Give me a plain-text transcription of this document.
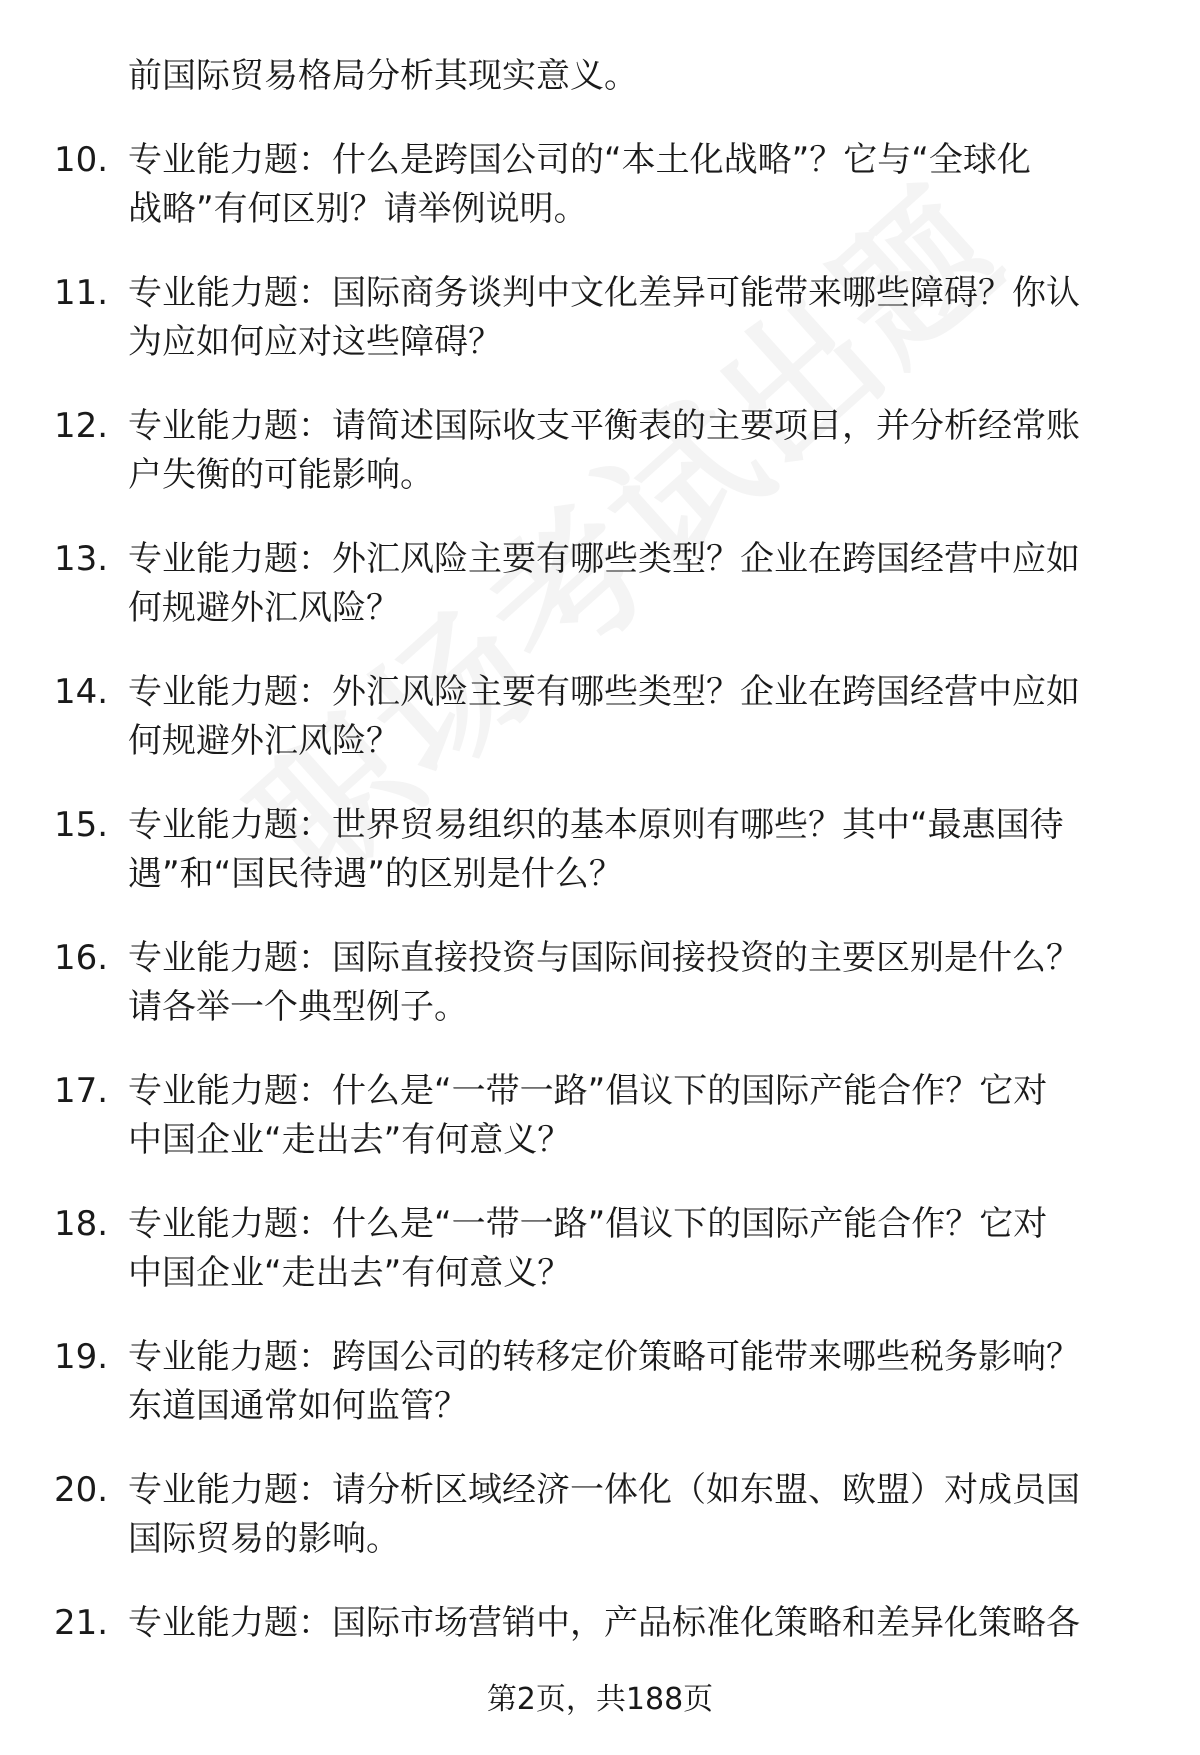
前国际贸易格局分析其现实意义。

10. 专业能力题：什么是跨国公司的“本土化战略”？它与“全球化
战略”有何区别？请举例说明。
11. 专业能力题：国际商务谈判中文化差异可能带来哪些障碍？你认
为应如何应对这些障碍？
12. 专业能力题：请简述国际收支平衡表的主要项目，并分析经常账
户失衡的可能影响。
13. 专业能力题：外汇风险主要有哪些类型？企业在跨国经营中应如
何规避外汇风险？
14. 专业能力题：外汇风险主要有哪些类型？企业在跨国经营中应如
何规避外汇风险？
15. 专业能力题：世界贸易组织的基本原则有哪些？其中“最惠国待
遇”和“国民待遇”的区别是什么？
16. 专业能力题：国际直接投资与国际间接投资的主要区别是什么？
请各举一个典型例子。
17. 专业能力题：什么是“一带一路”倡议下的国际产能合作？它对
中国企业“走出去”有何意义？
18. 专业能力题：什么是“一带一路”倡议下的国际产能合作？它对
中国企业“走出去”有何意义？
19. 专业能力题：跨国公司的转移定价策略可能带来哪些税务影响？
东道国通常如何监管？
20. 专业能力题：请分析区域经济一体化（如东盟、欧盟）对成员国
国际贸易的影响。
21. 专业能力题：国际市场营销中，产品标准化策略和差异化策略各
第2页，共188页
